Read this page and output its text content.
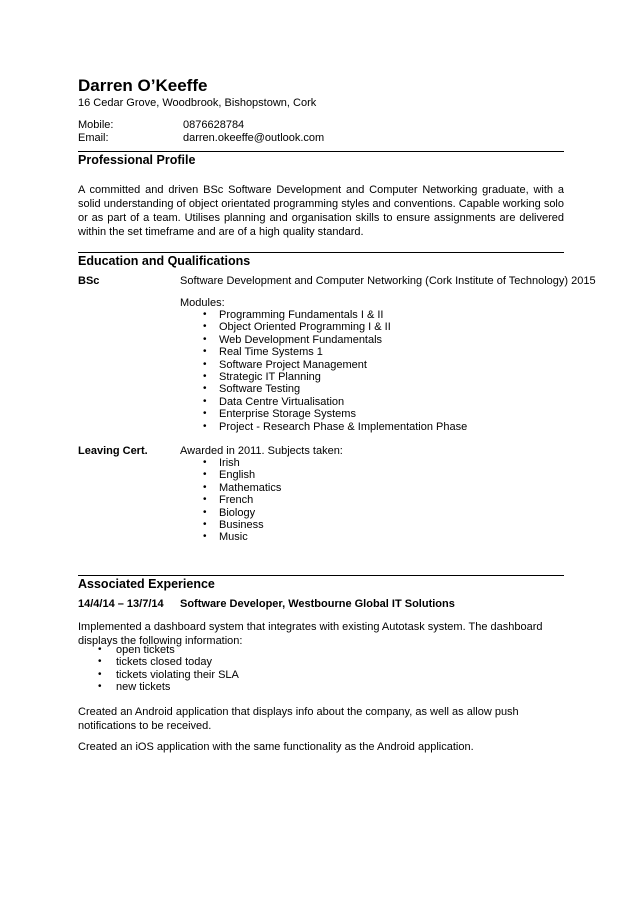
Darren O’Keeffe
16 Cedar Grove, Woodbrook, Bishopstown, Cork
Mobile:	0876628784
Email:	darren.okeeffe@outlook.com
Professional Profile
A committed and driven BSc Software Development and Computer Networking graduate, with a solid understanding of object orientated programming styles and conventions. Capable working solo or as part of a team. Utilises planning and organisation skills to ensure assignments are delivered within the set timeframe and are of a high quality standard.
Education and Qualifications
BSc	Software Development and Computer Networking (Cork Institute of Technology) 2015
Modules:
• Programming Fundamentals I & II
• Object Oriented Programming I & II
• Web Development Fundamentals
• Real Time Systems 1
• Software Project Management
• Strategic IT Planning
• Software Testing
• Data Centre Virtualisation
• Enterprise Storage Systems
• Project - Research Phase & Implementation Phase
Leaving Cert.	Awarded in 2011. Subjects taken:
• Irish
• English
• Mathematics
• French
• Biology
• Business
• Music
Associated Experience
14/4/14 – 13/7/14 Software Developer, Westbourne Global IT Solutions
Implemented a dashboard system that integrates with existing Autotask system. The dashboard displays the following information:
• open tickets
• tickets closed today
• tickets violating their SLA
• new tickets
Created an Android application that displays info about the company, as well as allow push notifications to be received.
Created an iOS application with the same functionality as the Android application.
